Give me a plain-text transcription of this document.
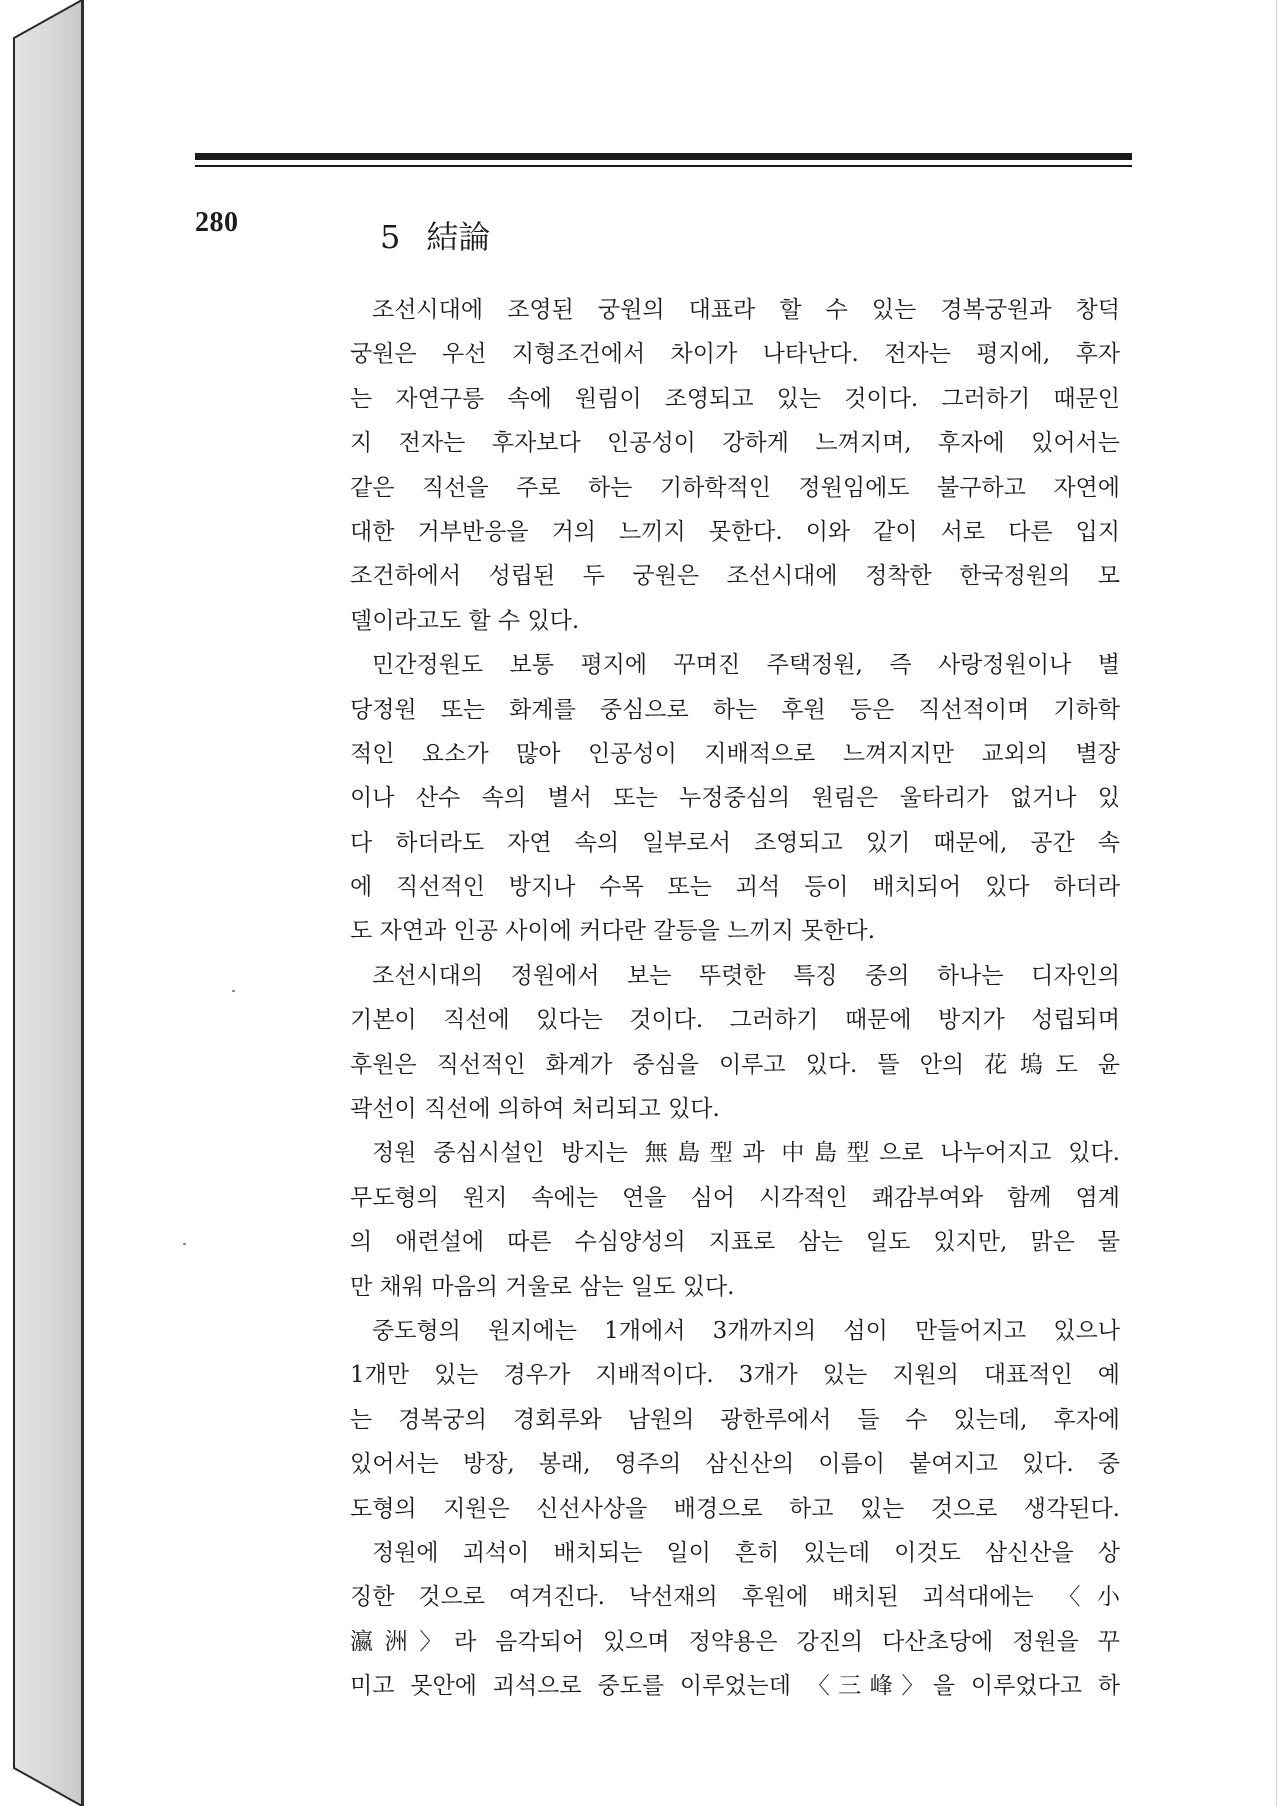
280	5 結論
조선시대에 조영된 궁원의 대표라 할 수 있는 경복궁원과 창덕
궁원은 우선 지형조건에서 차이가 나타난다. 전자는 평지에, 후자
는 자연구릉 속에 원림이 조영되고 있는 것이다. 그러하기 때문인
지 전자는 후자보다 인공성이 강하게 느껴지며, 후자에 있어서는
같은 직선을 주로 하는 기하학적인 정원임에도 불구하고 자연에
대한 거부반응을 거의 느끼지 못한다. 이와 같이 서로 다른 입지
조건하에서 성립된 두 궁원은 조선시대에 정착한 한국정원의 모
델이라고도 할 수 있다.
민간정원도 보통 평지에 꾸며진 주택정원, 즉 사랑정원이나 별
당정원 또는 화계를 중심으로 하는 후원 등은 직선적이며 기하학
적인 요소가 많아 인공성이 지배적으로 느껴지지만 교외의 별장
이나 산수 속의 별서 또는 누정중심의 원림은 울타리가 없거나 있
다 하더라도 자연 속의 일부로서 조영되고 있기 때문에, 공간 속
에 직선적인 방지나 수목 또는 괴석 등이 배치되어 있다 하더라
도 자연과 인공 사이에 커다란 갈등을 느끼지 못한다.
조선시대의 정원에서 보는 뚜렷한 특징 중의 하나는 디자인의
기본이 직선에 있다는 것이다. 그러하기 때문에 방지가 성립되며
후원은 직선적인 화계가 중심을 이루고 있다. 뜰 안의 花塢도 윤
곽선이 직선에 의하여 처리되고 있다.
정원 중심시설인 방지는 無島型과 中島型으로 나누어지고 있다.
무도형의 원지 속에는 연을 심어 시각적인 쾌감부여와 함께 염계
의 애련설에 따른 수심양성의 지표로 삼는 일도 있지만, 맑은 물
만 채워 마음의 거울로 삼는 일도 있다.
중도형의 원지에는 1개에서 3개까지의 섬이 만들어지고 있으나
1개만 있는 경우가 지배적이다. 3개가 있는 지원의 대표적인 예
는 경복궁의 경회루와 남원의 광한루에서 들 수 있는데, 후자에
있어서는 방장, 봉래, 영주의 삼신산의 이름이 붙여지고 있다. 중
도형의 지원은 신선사상을 배경으로 하고 있는 것으로 생각된다.
정원에 괴석이 배치되는 일이 흔히 있는데 이것도 삼신산을 상
징한 것으로 여겨진다. 낙선재의 후원에 배치된 괴석대에는 〈小
瀛洲〉라 음각되어 있으며 정약용은 강진의 다산초당에 정원을 꾸
미고 못안에 괴석으로 중도를 이루었는데 〈三峰〉을 이루었다고 하
